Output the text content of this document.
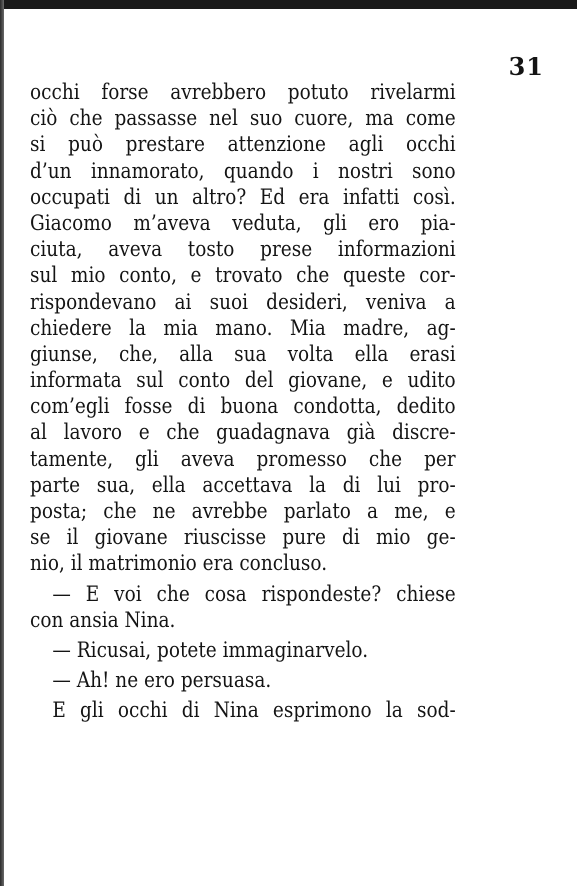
31
occhi forse avrebbero potuto rivelarmi
ciò che passasse nel suo cuore, ma come
si può prestare attenzione agli occhi
d’un innamorato, quando i nostri sono
occupati di un altro? Ed era infatti così.
Giacomo m’aveva veduta, gli ero pia-
ciuta, aveva tosto prese informazioni
sul mio conto, e trovato che queste cor-
rispondevano ai suoi desideri, veniva a
chiedere la mia mano. Mia madre, ag-
giunse, che, alla sua volta ella erasi
informata sul conto del giovane, e udito
com’egli fosse di buona condotta, dedito
al lavoro e che guadagnava già discre-
tamente, gli aveva promesso che per
parte sua, ella accettava la di lui pro-
posta; che ne avrebbe parlato a me, e
se il giovane riuscisse pure di mio ge-
nio, il matrimonio era concluso.
— E voi che cosa rispondeste? chiese
con ansia Nina.
— Ricusai, potete immaginarvelo.
— Ah! ne ero persuasa.
E gli occhi di Nina esprimono la sod-
